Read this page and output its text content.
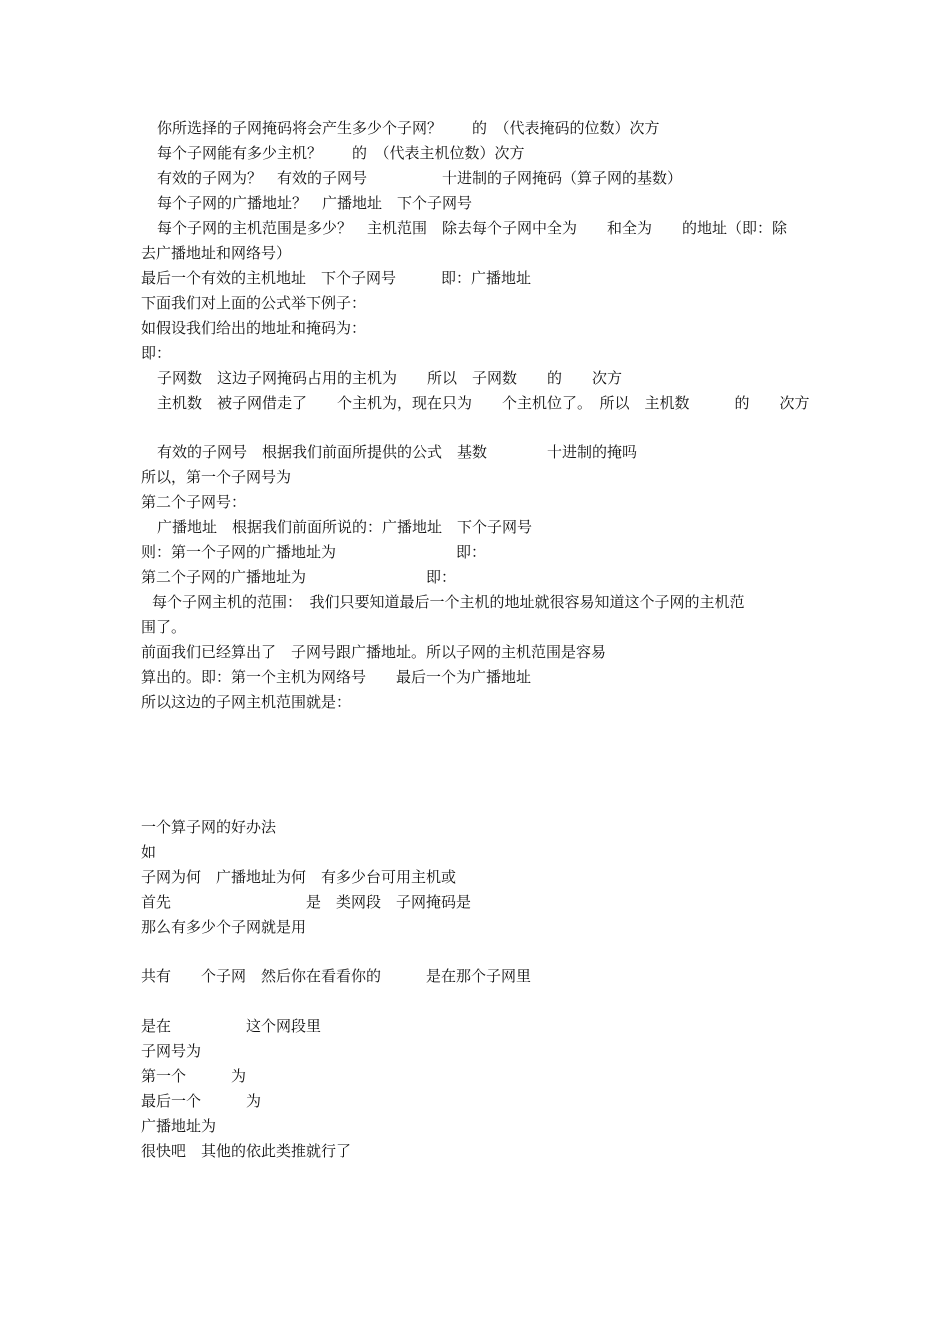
你所选择的子网掩码将会产生多少个子网？　　的　（代表掩码的位数）次方
每个子网能有多少主机？　　的　（代表主机位数）次方
有效的子网为？　有效的子网号　　　　　十进制的子网掩码（算子网的基数）
每个子网的广播地址？　广播地址　下个子网号
每个子网的主机范围是多少？　主机范围　除去每个子网中全为　　和全为　　的地址（即：除
去广播地址和网络号）
最后一个有效的主机地址　下个子网号　　　即：广播地址
下面我们对上面的公式举下例子：
如假设我们给出的地址和掩码为：
即：
子网数　这边子网掩码占用的主机为　　所以　子网数　　的　　次方
主机数　被子网借走了　　个主机为，现在只为　　个主机位了。　所以　主机数　　　的　　次方
有效的子网号　根据我们前面所提供的公式　基数　　　　十进制的掩吗
所以，第一个子网号为
第二个子网号：
广播地址　根据我们前面所说的：广播地址　下个子网号
则：第一个子网的广播地址为　　　　　　　　即：
第二个子网的广播地址为　　　　　　　　即：
每个子网主机的范围：　我们只要知道最后一个主机的地址就很容易知道这个子网的主机范
围了。
前面我们已经算出了　子网号跟广播地址。所以子网的主机范围是容易
算出的。即：第一个主机为网络号　　最后一个为广播地址
所以这边的子网主机范围就是：
一个算子网的好办法
如
子网为何　广播地址为何　有多少台可用主机或
首先　　　　　　　　　是　类网段　子网掩码是
那么有多少个子网就是用
共有　　个子网　然后你在看看你的　　　是在那个子网里
是在　　　　　这个网段里
子网号为
第一个　　　为
最后一个　　　为
广播地址为
很快吧　其他的依此类推就行了
